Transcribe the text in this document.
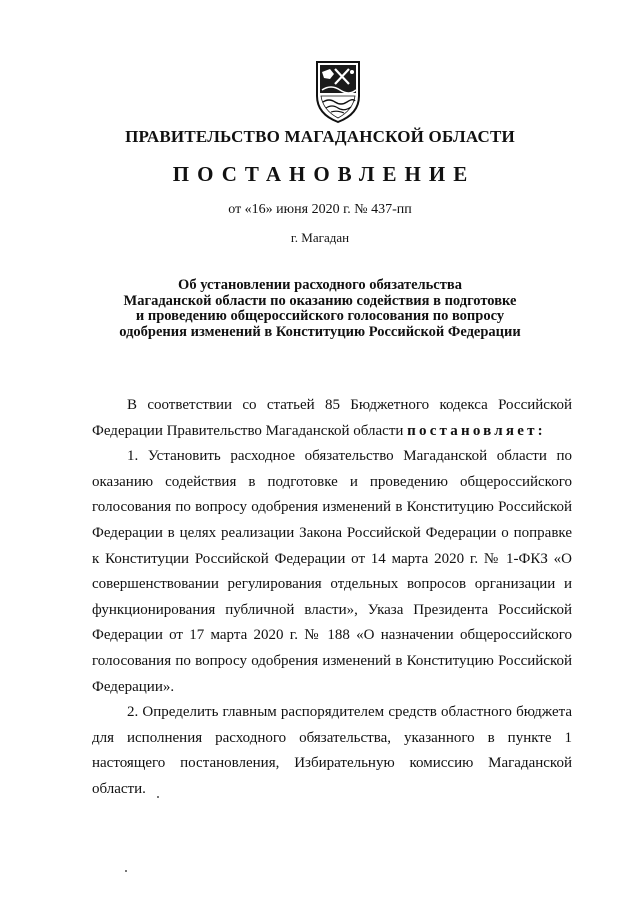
ПРАВИТЕЛЬСТВО МАГАДАНСКОЙ ОБЛАСТИ
ПОСТАНОВЛЕНИЕ
от «16» июня 2020 г. № 437-пп
г. Магадан
Об установлении расходного обязательства
Магаданской области по оказанию содействия в подготовке
и проведению общероссийского голосования по вопросу
одобрения изменений в Конституцию Российской Федерации

В соответствии со статьей 85 Бюджетного кодекса Российской Федерации Правительство Магаданской области постановляет:

1. Установить расходное обязательство Магаданской области по оказанию содействия в подготовке и проведению общероссийского голосования по вопросу одобрения изменений в Конституцию Российской Федерации в целях реализации Закона Российской Федерации о поправке к Конституции Российской Федерации от 14 марта 2020 г. № 1-ФКЗ «О совершенствовании регулирования отдельных вопросов организации и функционирования публичной власти», Указа Президента Российской Федерации от 17 марта 2020 г. № 188 «О назначении общероссийского голосования по вопросу одобрения изменений в Конституцию Российской Федерации».

2. Определить главным распорядителем средств областного бюджета для исполнения расходного обязательства, указанного в пункте 1 настоящего постановления, Избирательную комиссию Магаданской области.
